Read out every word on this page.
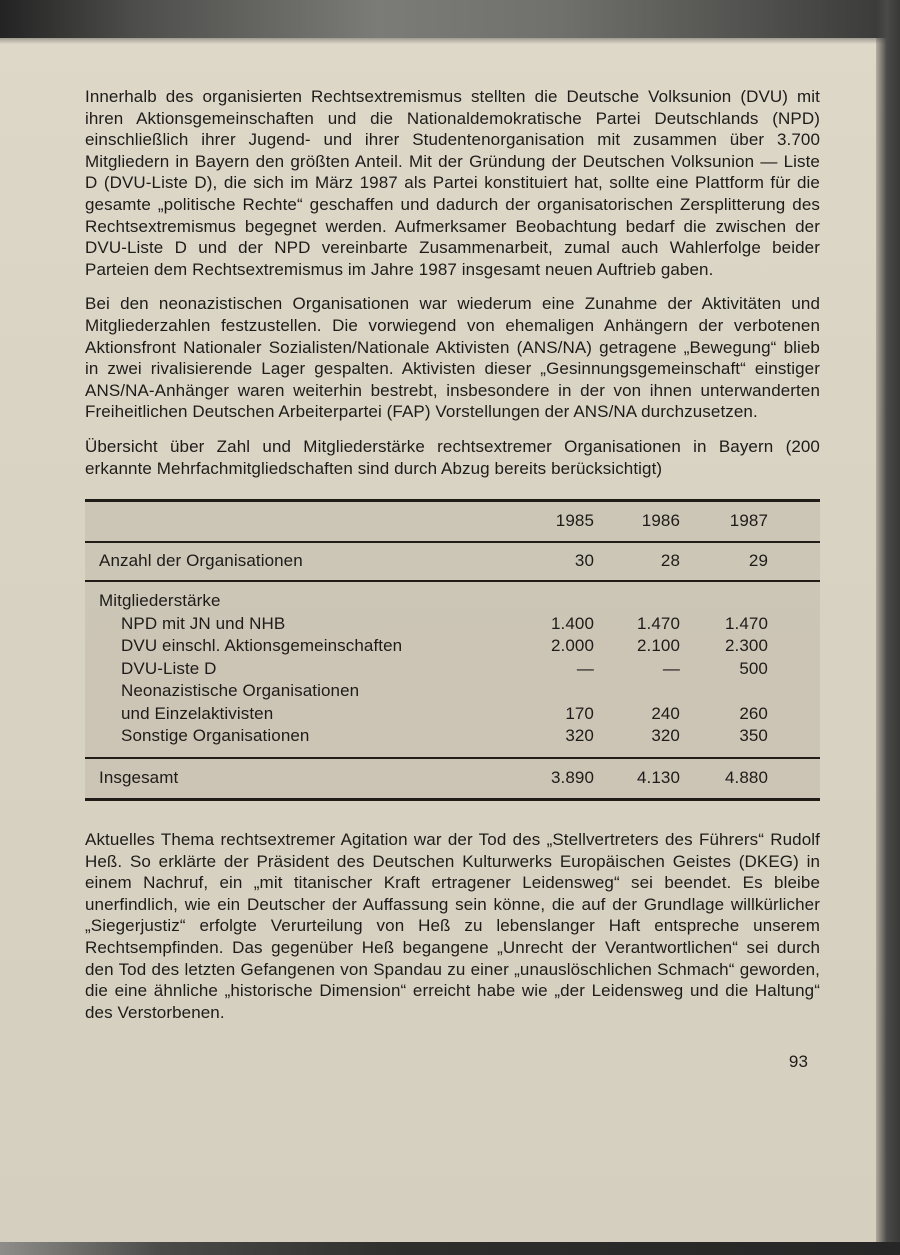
Innerhalb des organisierten Rechtsextremismus stellten die Deutsche Volksunion (DVU) mit ihren Aktionsgemeinschaften und die Nationaldemokratische Partei Deutschlands (NPD) einschließlich ihrer Jugend- und ihrer Studentenorganisation mit zusammen über 3.700 Mitgliedern in Bayern den größten Anteil. Mit der Gründung der Deutschen Volksunion — Liste D (DVU-Liste D), die sich im März 1987 als Partei konstituiert hat, sollte eine Plattform für die gesamte „politische Rechte“ geschaffen und dadurch der organisatorischen Zersplitterung des Rechtsextremismus begegnet werden. Aufmerksamer Beobachtung bedarf die zwischen der DVU-Liste D und der NPD vereinbarte Zusammenarbeit, zumal auch Wahlerfolge beider Parteien dem Rechtsextremismus im Jahre 1987 insgesamt neuen Auftrieb gaben.

Bei den neonazistischen Organisationen war wiederum eine Zunahme der Aktivitäten und Mitgliederzahlen festzustellen. Die vorwiegend von ehemaligen Anhängern der verbotenen Aktionsfront Nationaler Sozialisten/Nationale Aktivisten (ANS/NA) getragene „Bewegung“ blieb in zwei rivalisierende Lager gespalten. Aktivisten dieser „Gesinnungsgemeinschaft“ einstiger ANS/NA-Anhänger waren weiterhin bestrebt, insbesondere in der von ihnen unterwanderten Freiheitlichen Deutschen Arbeiterpartei (FAP) Vorstellungen der ANS/NA durchzusetzen.

Übersicht über Zahl und Mitgliederstärke rechtsextremer Organisationen in Bayern (200 erkannte Mehrfachmitgliedschaften sind durch Abzug bereits berücksichtigt)

1985	1986	1987
Anzahl der Organisationen	30	28	29
Mitgliederstärke
NPD mit JN und NHB	1.400	1.470	1.470
DVU einschl. Aktionsgemeinschaften	2.000	2.100	2.300
DVU-Liste D	—	—	500
Neonazistische Organisationen
und Einzelaktivisten	170	240	260
Sonstige Organisationen	320	320	350
Insgesamt	3.890	4.130	4.880

Aktuelles Thema rechtsextremer Agitation war der Tod des „Stellvertreters des Führers“ Rudolf Heß. So erklärte der Präsident des Deutschen Kulturwerks Europäischen Geistes (DKEG) in einem Nachruf, ein „mit titanischer Kraft ertragener Leidensweg“ sei beendet. Es bleibe unerfindlich, wie ein Deutscher der Auffassung sein könne, die auf der Grundlage willkürlicher „Siegerjustiz“ erfolgte Verurteilung von Heß zu lebenslanger Haft entspreche unserem Rechtsempfinden. Das gegenüber Heß begangene „Unrecht der Verantwortlichen“ sei durch den Tod des letzten Gefangenen von Spandau zu einer „unauslöschlichen Schmach“ geworden, die eine ähnliche „historische Dimension“ erreicht habe wie „der Leidensweg und die Haltung“ des Verstorbenen.

93
